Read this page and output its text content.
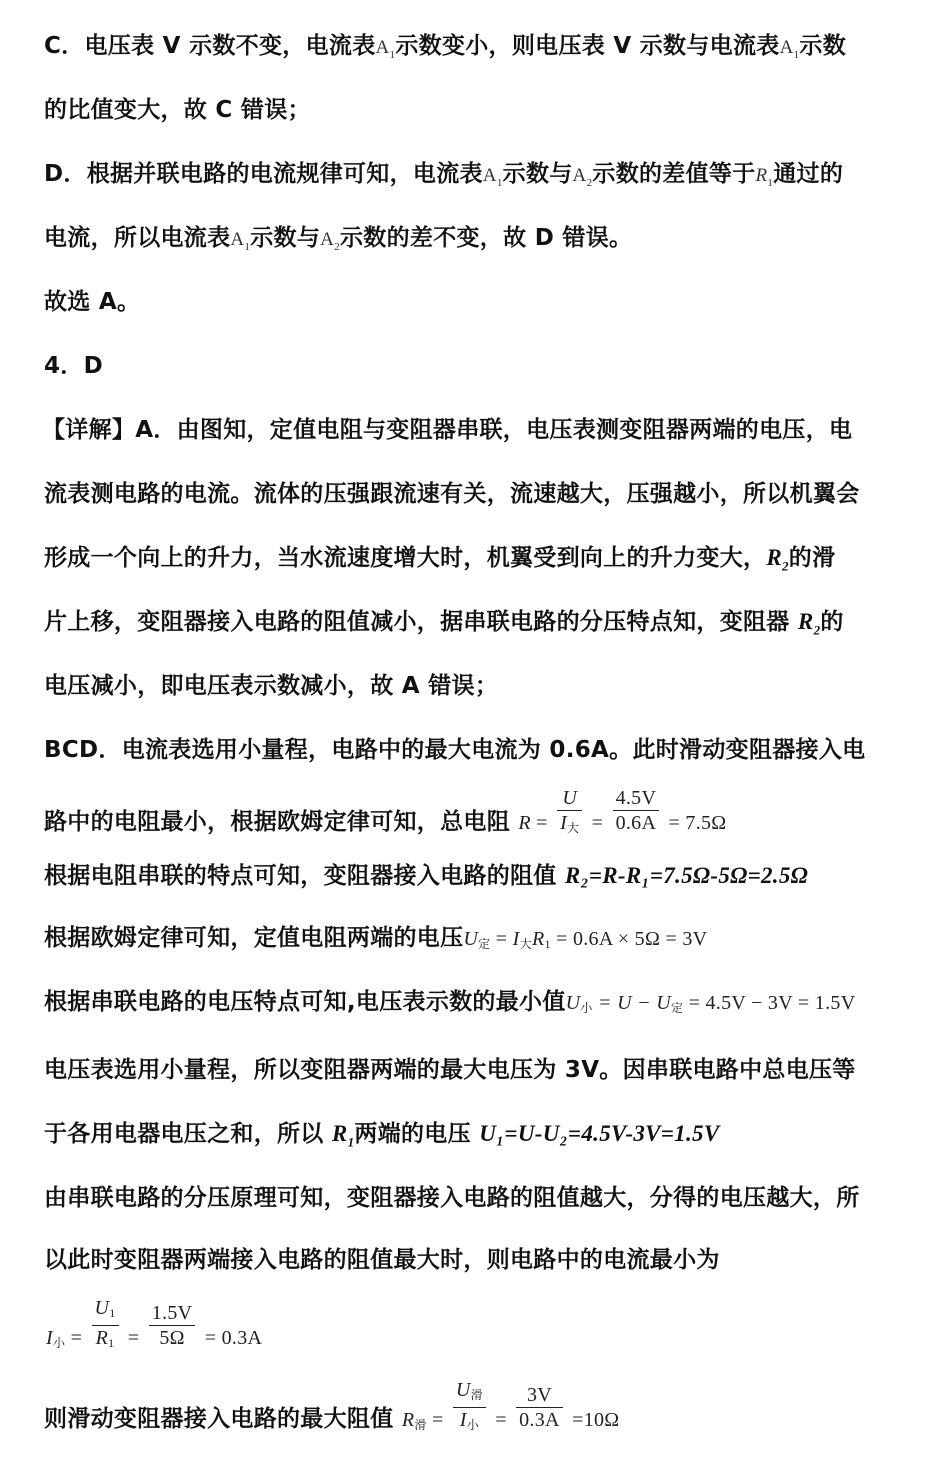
C．电压表 V 示数不变，电流表$A_1$示数变小，则电压表 V 示数与电流表$A_1$示数
的比值变大，故 C 错误；
D．根据并联电路的电流规律可知，电流表$A_1$示数与$A_2$示数的差值等于$R_1$通过的
电流，所以电流表$A_1$示数与$A_2$示数的差不变，故 D 错误。
故选 A。
4．D
【详解】A．由图知，定值电阻与变阻器串联，电压表测变阻器两端的电压，电
流表测电路的电流。流体的压强跟流速有关，流速越大，压强越小，所以机翼会
形成一个向上的升力，当水流速度增大时，机翼受到向上的升力变大，$R_2$的滑
片上移，变阻器接入电路的阻值减小，据串联电路的分压特点知，变阻器 $R_2$的
电压减小，即电压表示数减小，故 A 错误；
BCD．电流表选用小量程，电路中的最大电流为 0.6A。此时滑动变阻器接入电
路中的电阻最小，根据欧姆定律可知，总电阻 $R = \frac{U}{I_大} = \frac{4.5V}{0.6A} = 7.5\Omega$
根据电阻串联的特点可知，变阻器接入电路的阻值 R₂=R-R₁=7.5Ω-5Ω=2.5Ω
根据欧姆定律可知，定值电阻两端的电压$U_定 = I_大R_1 = 0.6A \times 5\Omega = 3V$
根据串联电路的电压特点可知,电压表示数的最小值$U_小 = U - U_定 = 4.5V - 3V = 1.5V$
电压表选用小量程，所以变阻器两端的最大电压为 3V。因串联电路中总电压等
于各用电器电压之和，所以 $R_1$两端的电压 U₁=U-U₂=4.5V-3V=1.5V
由串联电路的分压原理可知，变阻器接入电路的阻值越大，分得的电压越大，所
以此时变阻器两端接入电路的阻值最大时，则电路中的电流最小为
$I_小 = \frac{U_1}{R_1} = \frac{1.5V}{5\Omega} = 0.3A$
则滑动变阻器接入电路的最大阻值 $R_滑 = \frac{U_滑}{I_小} = \frac{3V}{0.3A} =10\Omega$
